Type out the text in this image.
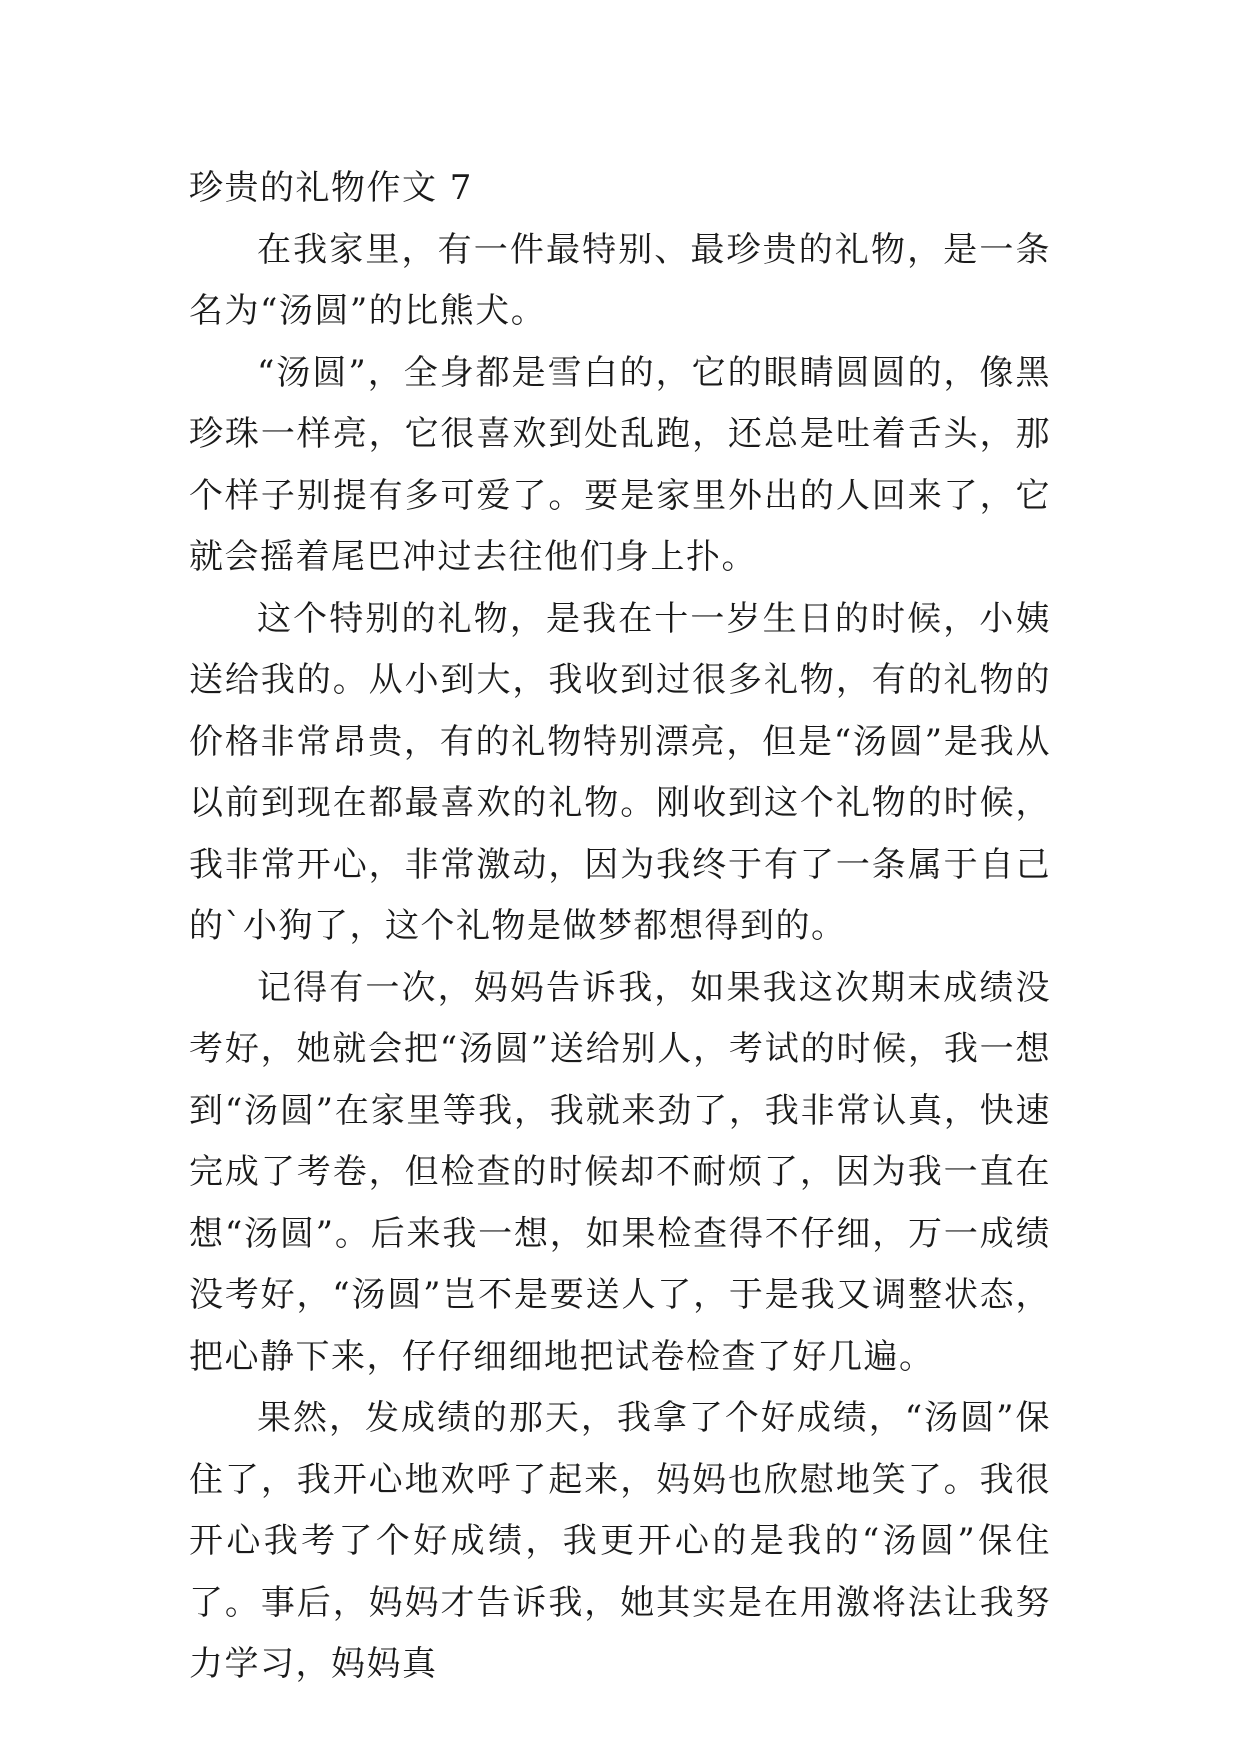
珍贵的礼物作文 7

在我家里，有一件最特别、最珍贵的礼物，是一条名为“汤圆”的比熊犬。

“汤圆”，全身都是雪白的，它的眼睛圆圆的，像黑珍珠一样亮，它很喜欢到处乱跑，还总是吐着舌头，那个样子别提有多可爱了。要是家里外出的人回来了，它就会摇着尾巴冲过去往他们身上扑。

这个特别的礼物，是我在十一岁生日的时候，小姨送给我的。从小到大，我收到过很多礼物，有的礼物的价格非常昂贵，有的礼物特别漂亮，但是“汤圆”是我从以前到现在都最喜欢的礼物。刚收到这个礼物的时候，我非常开心，非常激动，因为我终于有了一条属于自己的`小狗了，这个礼物是做梦都想得到的。

记得有一次，妈妈告诉我，如果我这次期末成绩没考好，她就会把“汤圆”送给别人，考试的时候，我一想到“汤圆”在家里等我，我就来劲了，我非常认真，快速完成了考卷，但检查的时候却不耐烦了，因为我一直在想“汤圆”。后来我一想，如果检查得不仔细，万一成绩没考好，“汤圆”岂不是要送人了，于是我又调整状态，把心静下来，仔仔细细地把试卷检查了好几遍。

果然，发成绩的那天，我拿了个好成绩，“汤圆”保住了，我开心地欢呼了起来，妈妈也欣慰地笑了。我很开心我考了个好成绩，我更开心的是我的“汤圆”保住了。事后，妈妈才告诉我，她其实是在用激将法让我努力学习，妈妈真
